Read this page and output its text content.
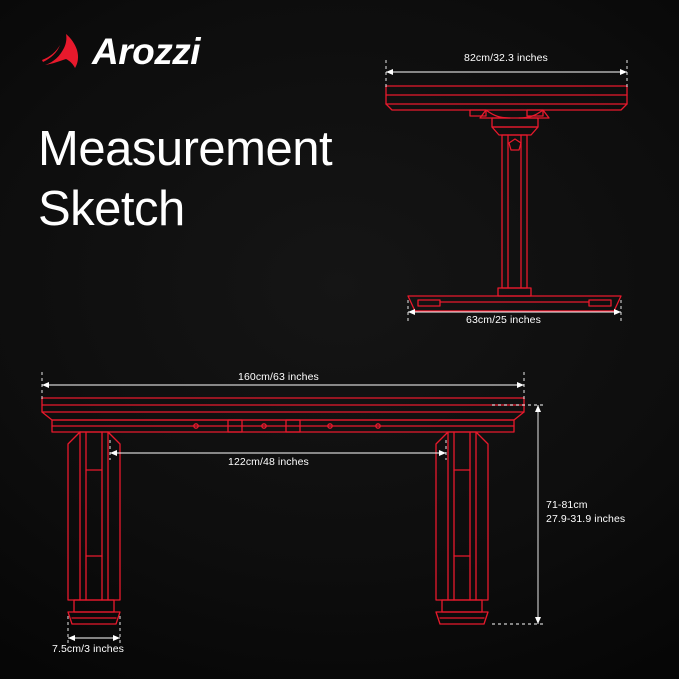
Arozzi
Measurement
Sketch
82cm/32.3 inches
63cm/25 inches
160cm/63 inches
122cm/48 inches
71-81cm
27.9-31.9 inches
7.5cm/3 inches
